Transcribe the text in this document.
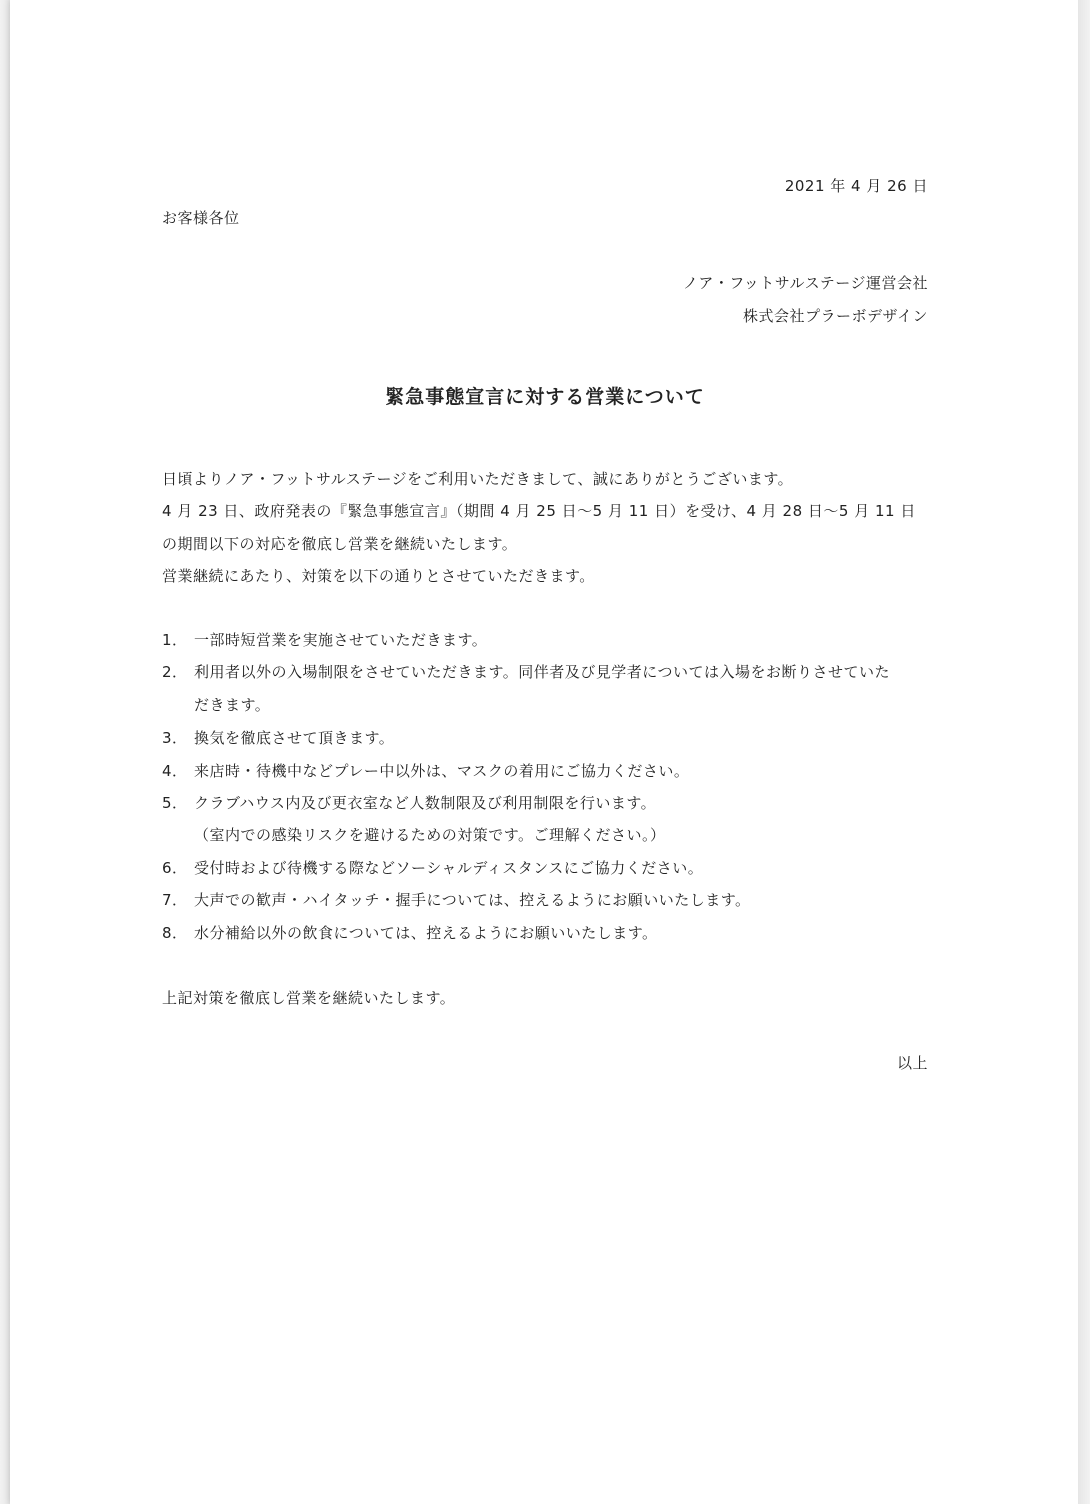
2021 年 4 月 26 日
お客様各位
ノア・フットサルステージ運営会社
株式会社プラーボデザイン
緊急事態宣言に対する営業について
日頃よりノア・フットサルステージをご利用いただきまして、誠にありがとうございます。
4 月 23 日、政府発表の『緊急事態宣言』（期間 4 月 25 日～5 月 11 日）を受け、4 月 28 日～5 月 11 日
の期間以下の対応を徹底し営業を継続いたします。
営業継続にあたり、対策を以下の通りとさせていただきます。
1． 一部時短営業を実施させていただきます。
2． 利用者以外の入場制限をさせていただきます。同伴者及び見学者については入場をお断りさせていた
だきます。
3． 換気を徹底させて頂きます。
4． 来店時・待機中などプレー中以外は、マスクの着用にご協力ください。
5． クラブハウス内及び更衣室など人数制限及び利用制限を行います。
（室内での感染リスクを避けるための対策です。ご理解ください。）
6． 受付時および待機する際などソーシャルディスタンスにご協力ください。
7． 大声での歓声・ハイタッチ・握手については、控えるようにお願いいたします。
8． 水分補給以外の飲食については、控えるようにお願いいたします。
上記対策を徹底し営業を継続いたします。
以上
